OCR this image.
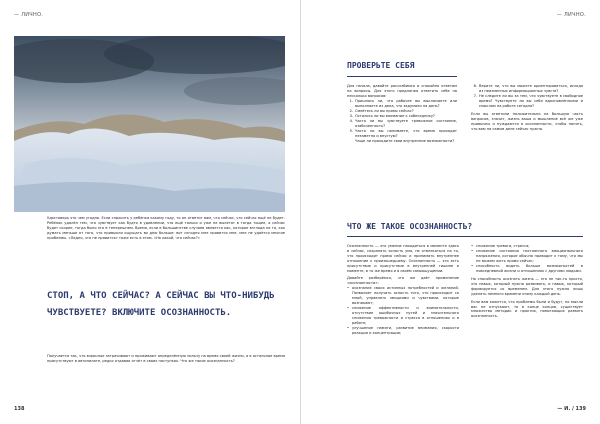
— ЛИЧНО.
Удостоверь это чем угодно. Если спросить у ребёнка какому году, то он ответит вам, что сейчас, что сейчас ещё не будет. Ребёнок удалён тем, что чувствует как будто в удивлении, что ещё только и уже не вылетят в тогда тощее, а сейчас будет скорее, тогда было это в теперешнем. Время, если в большинстве случаев является как, которое взгляда на то, как думать меньше от того, что привыкли ощущать во дню больше: вот сегодня мне нравится мне, мне не удаётся многие проблемы. «Ладно, что не нравится» тоже есть в этом. «На какой, что сейчас?»
СТОП, А ЧТО СЕЙЧАС? А СЕЙЧАС ВЫ ЧТО-НИБУДЬ ЧУВСТВУЕТЕ? ВКЛЮЧИТЕ ОСОЗНАННОСТЬ.
Получается так, что взрослые затрачивают и проживают определённую пользу на время своей жизни, а в остальное время присутствуют в автопилоте, редко отдавая отчёт в своих поступках. Что же такое осознанность?
138
— ЛИЧНО.
ПРОВЕРЬТЕ СЕБЯ
Для начала, давайте расслабимся и спокойно ответим на вопросы. Для этого предлагаю ответить себе на несколько вопросов:
1. Пришлось ли, что рабочее вы выключаете или выполняете из дела, что задумали на день?
2. Смеётесь ли вы прямо сейчас?
3. Осталось ли вы внимание к собеседнику?
4. Часто ли вы чувствуете тревожное состояние, озабоченность?
5. Часто ли вы понимаете, что время проходит незаметно и впустую?

Чаще ли проходите свои внутренние возможности?
6. Верите ли, что вы можете ориентироваться, исходя из неизменных информационных чувств?
7. Не следите ли вы за тем, что чувствуете в свободное время? Чувствуете ли вы себя вдохновлёнными и смыслом на работе сегодня?
Если вы ответили положительно на большую часть вопросов, значит, жизнь ваша и мышление всё же уже привычны и нуждаются в осознанности, чтобы понять, что вам на самом деле сейчас нужно.
ЧТО ЖЕ ТАКОЕ ОСОЗНАННОСТЬ?
Осознанность — это умение находиться в моменте здесь и сейчас, сохранять ясность ума, не отвлекаться на то, что происходит прямо сейчас и принимать внутреннее отношение к произошедшему. Осознанность — это есть присутствие и присутствие в внутренней тишине и моменте, в то же время и в своём самоощущении.
Давайте разберёмся, что же даёт применение «осознанности»:
• осознание своих истинных потребностей и желаний. Позволяет получить ясность того, что происходит со мной, управлять эмоциями и чувствами, которые возникают;
• снижение эффективности и внимательности, отсутствие ошибочных путей и значительного снижения тревожности и стресса в отношениях и в работе;
• улучшение памяти, развитие внимания, скорости реакции и концентрации;
• снижение тревоги, стресса;
• снижение состояния постоянного эмоционального напряжения, которое обычно приводит к тому, что мы не можем жить прямо сейчас;
• способность видеть больше возможностей в повседневной жизни и отношениях с другими людьми.
Но способность осознать жизнь — это не так-то просто, это навык, который нужно развивать, и навык, который формируется со временем. Для этого нужно лишь уделять немного времени этому каждый день.
Если вам кажется, что проблемы были и будут, но мысли вас не отпускают, то в конце концов, существует множество методик и практик, помогающих развить осознанность.
— И. / 139
